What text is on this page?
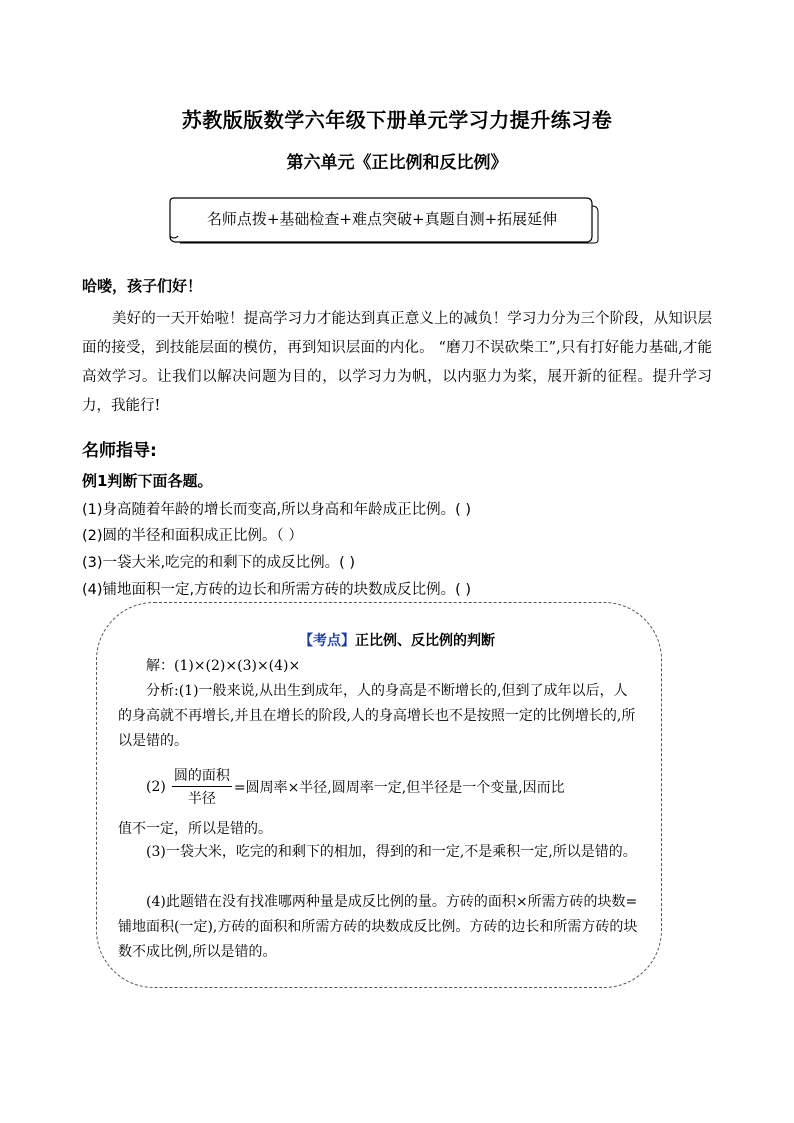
苏教版版数学六年级下册单元学习力提升练习卷
第六单元《正比例和反比例》
名师点拨+基础检查+难点突破+真题自测+拓展延伸
哈喽，孩子们好！
美好的一天开始啦！提高学习力才能达到真正意义上的减负！学习力分为三个阶段，从知识层面的接受，到技能层面的模仿，再到知识层面的内化。 “磨刀不误砍柴工”,只有打好能力基础,才能高效学习。让我们以解决问题为目的，以学习力为帆，以内驱力为桨，展开新的征程。提升学习力，我能行!
名师指导:
例1判断下面各题。
(1)身高随着年龄的增长而变高,所以身高和年龄成正比例。( )
(2)圆的半径和面积成正比例。（ ）
(3)一袋大米,吃完的和剩下的成反比例。( )
(4)铺地面积一定,方砖的边长和所需方砖的块数成反比例。( )
【考点】正比例、反比例的判断
解：(1)×(2)×(3)×(4)×
分析:(1)一般来说,从出生到成年，人的身高是不断增长的,但到了成年以后，人的身高就不再增长,并且在增长的阶段,人的身高增长也不是按照一定的比例增长的,所以是错的。
$(2) \frac{\text{圆的面积}}{\text{半径}}$ =圆周率×半径,圆周率一定,但半径是一个变量,因而比
值不一定，所以是错的。
(3)一袋大米，吃完的和剩下的相加，得到的和一定,不是乘积一定,所以是错的。
(4)此题错在没有找准哪两种量是成反比例的量。方砖的面积×所需方砖的块数=铺地面积(一定),方砖的面积和所需方砖的块数成反比例。方砖的边长和所需方砖的块数不成比例,所以是错的。
